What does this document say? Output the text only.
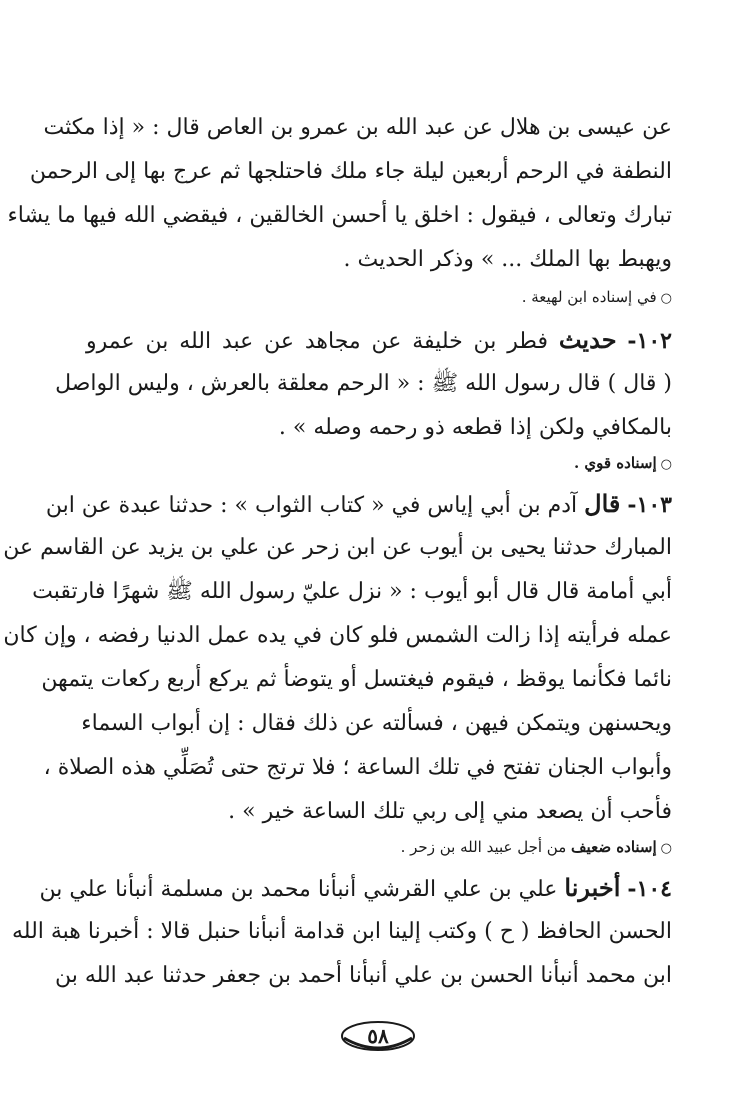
عن عيسى بن هلال عن عبد الله بن عمرو بن العاص قال : « إذا مكثت
النطفة في الرحم أربعين ليلة جاء ملك فاحتلجها ثم عرج بها إلى الرحمن
تبارك وتعالى ، فيقول : اخلق يا أحسن الخالقين ، فيقضي الله فيها ما يشاء
ويهبط بها الملك ... » وذكر الحديث .
○في إسناده ابن لهيعة .
١٠٢- حديث فطر بن خليفة عن مجاهد عن عبد الله بن عمرو
( قال ) قال رسول الله ﷺ : « الرحم معلقة بالعرش ، وليس الواصل
بالمكافي ولكن إذا قطعه ذو رحمه وصله » .
○إسناده قوي .
١٠٣- قال آدم بن أبي إياس في « كتاب الثواب » : حدثنا عبدة عن ابن
المبارك حدثنا يحيى بن أيوب عن ابن زحر عن علي بن يزيد عن القاسم عن
أبي أمامة قال قال أبو أيوب : « نزل عليّ رسول الله ﷺ شهرًا فارتقبت
عمله فرأيته إذا زالت الشمس فلو كان في يده عمل الدنيا رفضه ، وإن كان
نائما فكأنما يوقظ ، فيقوم فيغتسل أو يتوضأ ثم يركع أربع ركعات يتمهن
ويحسنهن ويتمكن فيهن ، فسألته عن ذلك فقال : إن أبواب السماء
وأبواب الجنان تفتح في تلك الساعة ؛ فلا ترتج حتى تُصَلِّي هذه الصلاة ،
فأحب أن يصعد مني إلى ربي تلك الساعة خير » .
○إسناده ضعيف من أجل عبيد الله بن زحر .
١٠٤- أخبرنا علي بن علي القرشي أنبأنا محمد بن مسلمة أنبأنا علي بن
الحسن الحافظ ( ح ) وكتب إلينا ابن قدامة أنبأنا حنبل قالا : أخبرنا هبة الله
ابن محمد أنبأنا الحسن بن علي أنبأنا أحمد بن جعفر حدثنا عبد الله بن
٥٨
